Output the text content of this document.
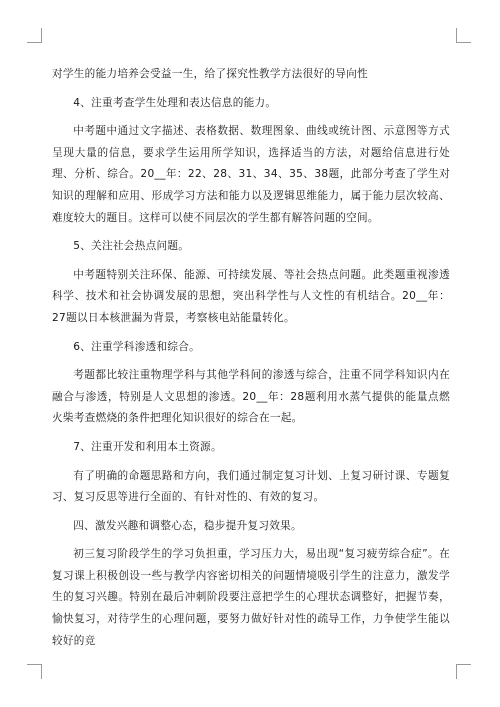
对学生的能力培养会受益一生，给了探究性教学方法很好的导向性

4、注重考查学生处理和表达信息的能力。

中考题中通过文字描述、表格数据、数理图象、曲线或统计图、示意图等方式呈现大量的信息，要求学生运用所学知识，选择适当的方法，对题给信息进行处理、分析、综合。20__年：22、28、31、34、35、38题，此部分考查了学生对知识的理解和应用、形成学习方法和能力以及逻辑思维能力，属于能力层次较高、难度较大的题目。这样可以使不同层次的学生都有解答问题的空间。

5、关注社会热点问题。

中考题特别关注环保、能源、可持续发展、等社会热点问题。此类题重视渗透科学、技术和社会协调发展的思想，突出科学性与人文性的有机结合。20__年：27题以日本核泄漏为背景，考察核电站能量转化。

6、注重学科渗透和综合。

考题都比较注重物理学科与其他学科间的渗透与综合，注重不同学科知识内在融合与渗透，特别是人文思想的渗透。20__年：28题利用水蒸气提供的能量点燃火柴考查燃烧的条件把理化知识很好的综合在一起。

7、注重开发和利用本土资源。

有了明确的命题思路和方向，我们通过制定复习计划、上复习研讨课、专题复习、复习反思等进行全面的、有针对性的、有效的复习。

四、激发兴趣和调整心态，稳步提升复习效果。

初三复习阶段学生的学习负担重，学习压力大，易出现“复习疲劳综合症”。在复习课上积极创设一些与教学内容密切相关的问题情境吸引学生的注意力，激发学生的复习兴趣。特别在最后冲刺阶段要注意把学生的心理状态调整好，把握节奏，愉快复习，对待学生的心理问题，要努力做好针对性的疏导工作，力争使学生能以较好的竞
